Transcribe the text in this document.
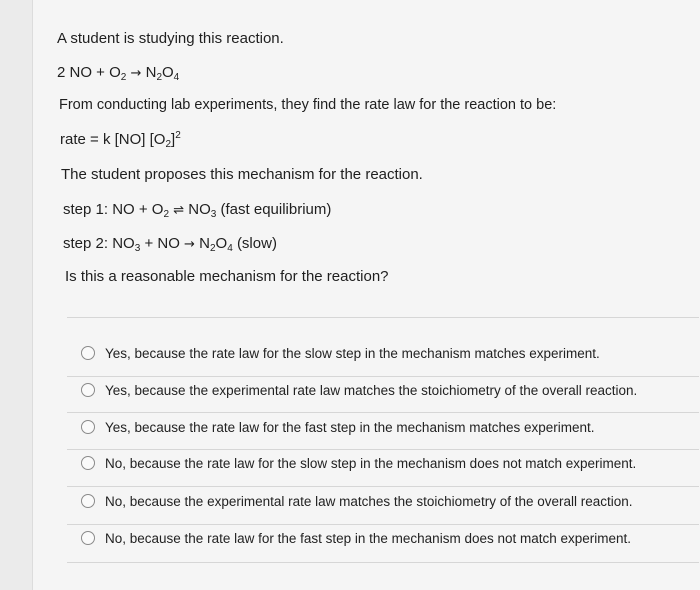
A student is studying this reaction.
2 NO + $O_2 \to N_2O_4$
From conducting lab experiments, they find the rate law for the reaction to be:
rate = k [NO] $[O_2]^2$
The student proposes this mechanism for the reaction.
step 1: NO + $O_2$ ⇌ $NO_3$ (fast equilibrium)
step 2: $NO_3$ + NO → $N_2O_4$ (slow)
Is this a reasonable mechanism for the reaction?
Yes, because the rate law for the slow step in the mechanism matches experiment.
Yes, because the experimental rate law matches the stoichiometry of the overall reaction.
Yes, because the rate law for the fast step in the mechanism matches experiment.
No, because the rate law for the slow step in the mechanism does not match experiment.
No, because the experimental rate law matches the stoichiometry of the overall reaction.
No, because the rate law for the fast step in the mechanism does not match experiment.
